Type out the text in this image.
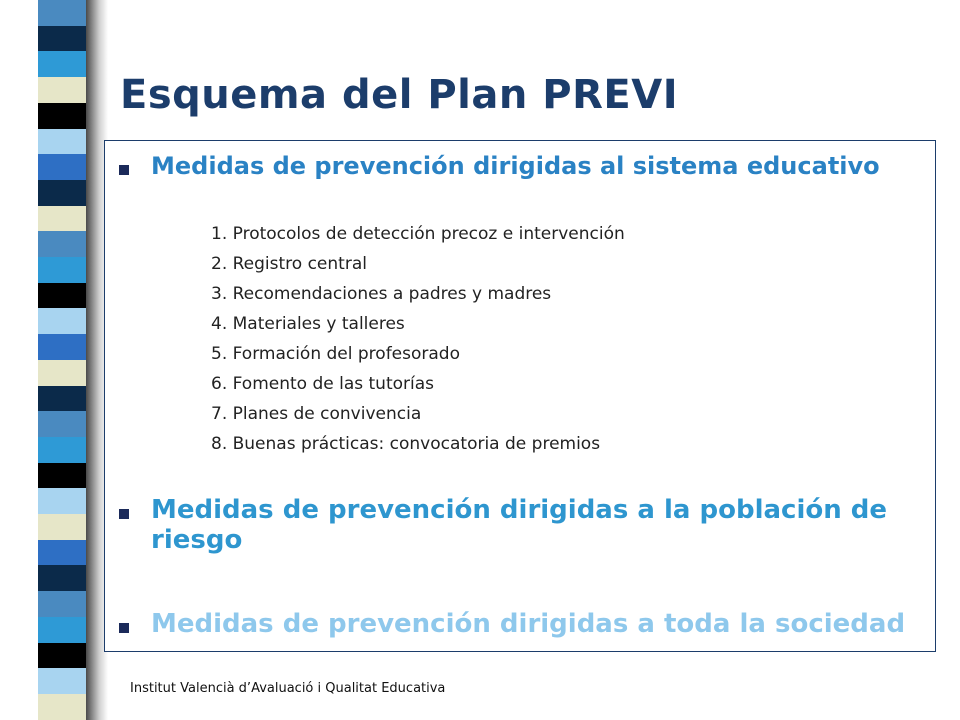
Esquema del Plan PREVI
Medidas de prevención dirigidas al sistema educativo
1. Protocolos de detección precoz e intervención
2. Registro central
3. Recomendaciones a padres y madres
4. Materiales y talleres
5. Formación del profesorado
6. Fomento de las tutorías
7. Planes de convivencia
8. Buenas prácticas: convocatoria de premios
Medidas de prevención dirigidas a la población de riesgo
Medidas de prevención dirigidas a toda la sociedad
Institut Valencià d’Avaluació i Qualitat Educativa
